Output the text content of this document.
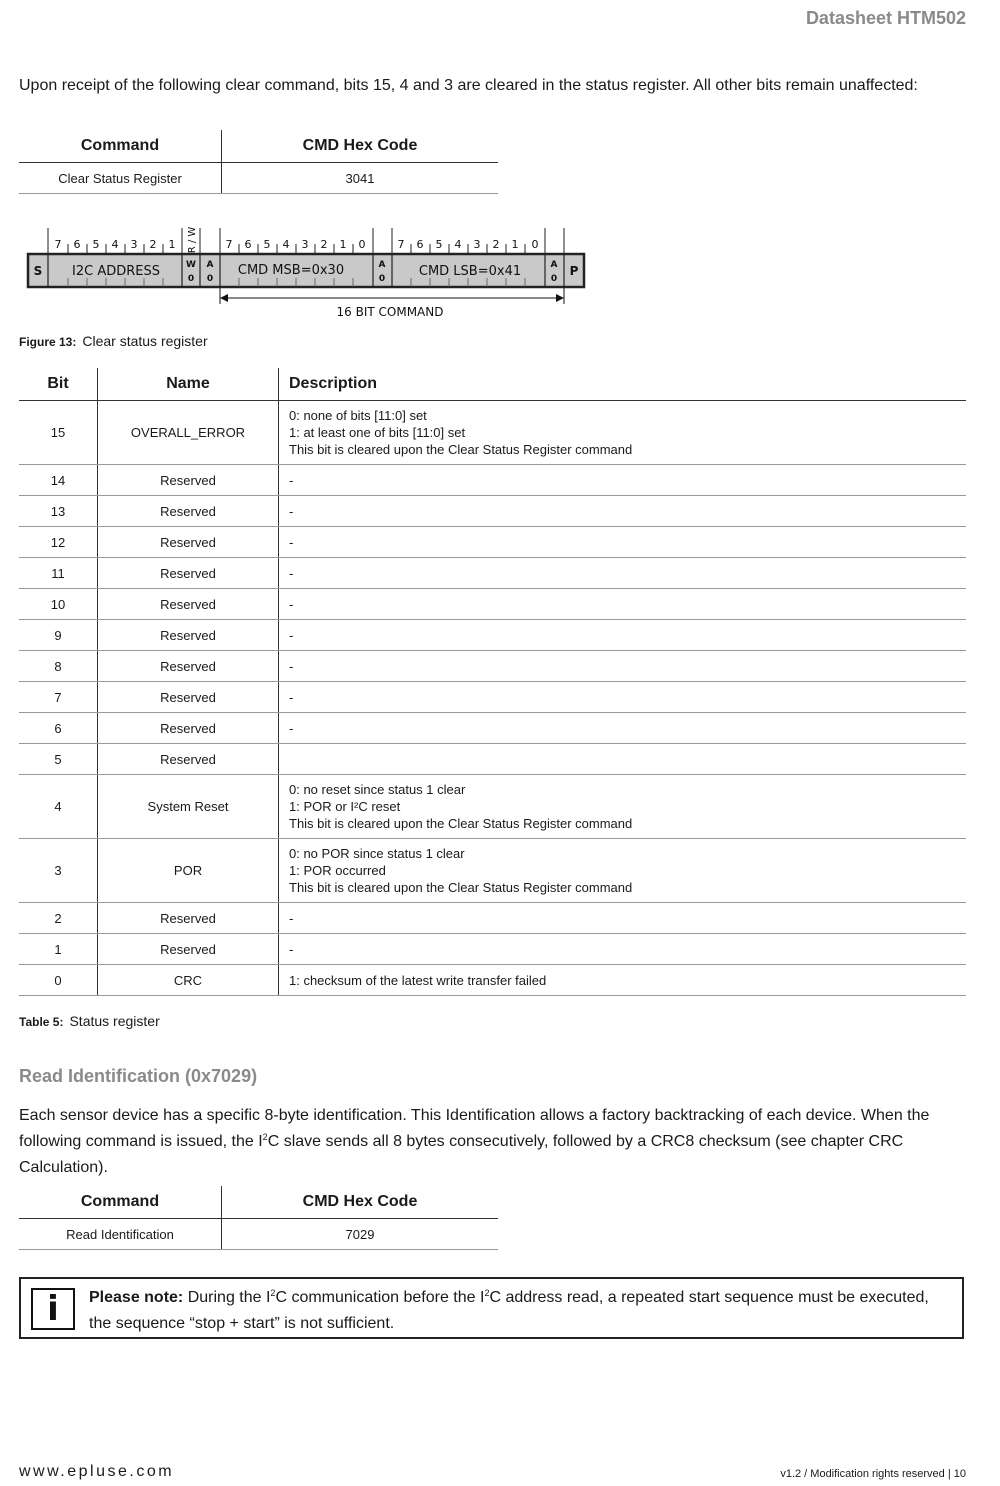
Datasheet HTM502
Upon receipt of the following clear command, bits 15, 4 and 3 are cleared in the status register. All other bits remain unaffected:
Command	CMD Hex Code
Clear Status Register	3041
7 6 5 4 3 2 1 R / W	7 6 5 4 3 2 1 0	7 6 5 4 3 2 1 0
S I2C ADDRESS	W
0
A
0
CMD MSB=0x30	A
0	CMD LSB=0x41	A
0
P
16 BIT COMMAND
Figure 13: Clear status register
Bit	Name	Description
15	OVERALL_ERROR	0: none of bits [11:0] set
1: at least one of bits [11:0] set
This bit is cleared upon the Clear Status Register command

14	Reserved	-

13	Reserved	-

12	Reserved	-

11	Reserved	-

10	Reserved	-

9	Reserved	-

8	Reserved	-

7	Reserved	-

6	Reserved	-

5	Reserved	

4	System Reset	0: no reset since status 1 clear
1: POR or I²C reset
This bit is cleared upon the Clear Status Register command

3	POR	0: no POR since status 1 clear
1: POR occurred
This bit is cleared upon the Clear Status Register command

2	Reserved	-

1	Reserved	-

0	CRC	1: checksum of the latest write transfer failed
Table 5: Status register
Read Identification (0x7029)
Each sensor device has a specific 8-byte identification. This Identification allows a factory backtracking of each device. When the following command is issued, the $I^2C$ slave sends all 8 bytes consecutively, followed by a CRC8 checksum (see chapter CRC Calculation).
Command	CMD Hex Code
Read Identification	7029
i	Please note: During the $I^2C$ communication before the $I^2C$ address read, a repeated start sequence must be executed, the sequence “stop + start” is not sufficient.
www.epluse.com	v1.2 / Modification rights reserved | 10
